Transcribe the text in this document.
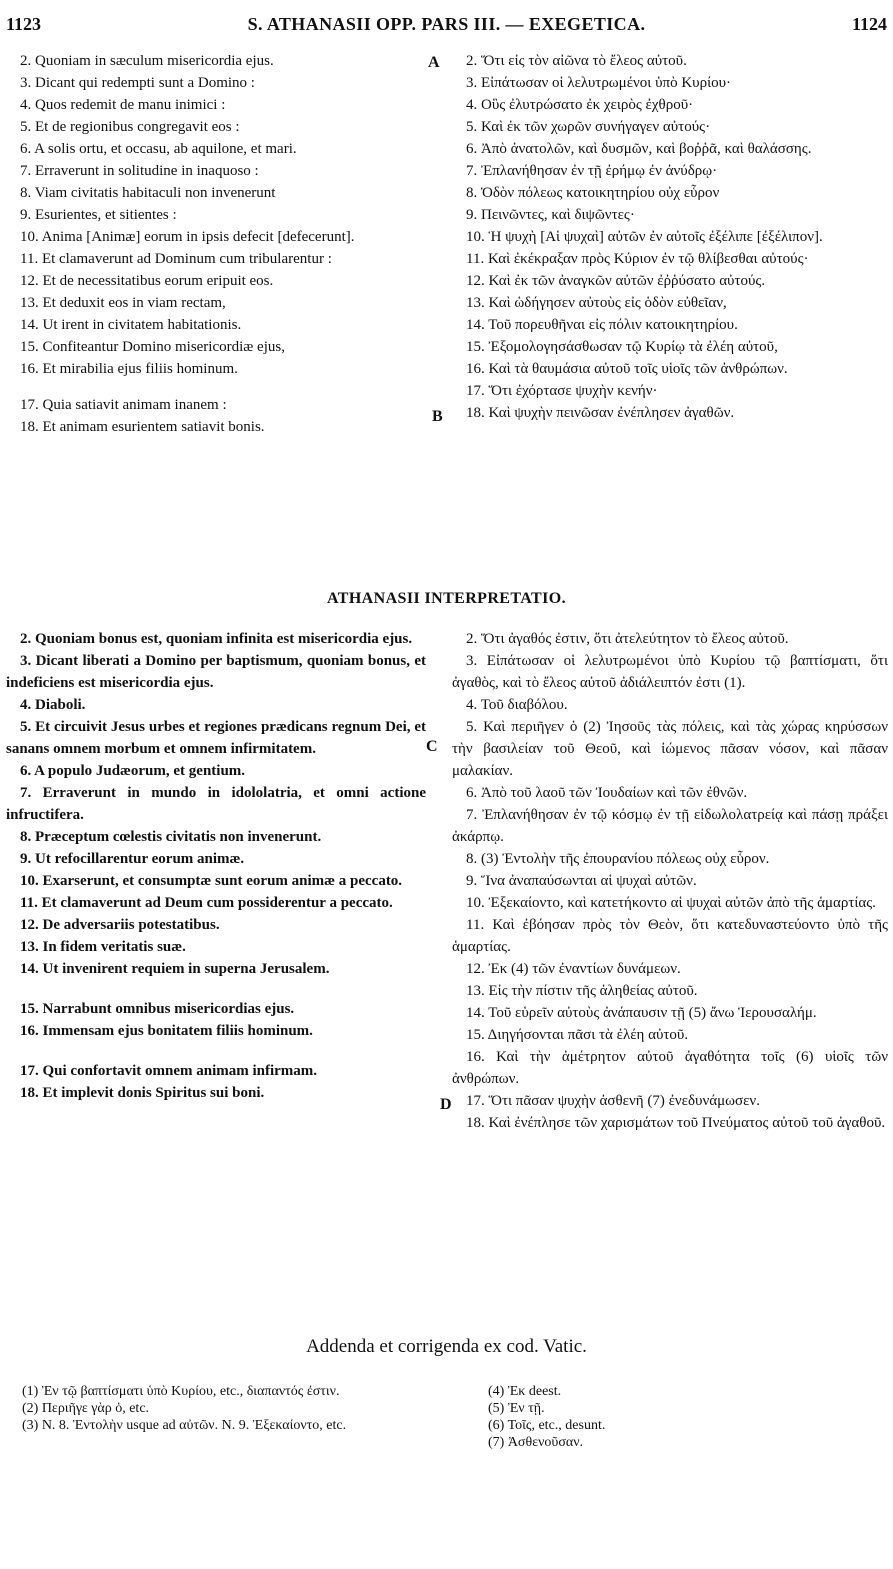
1123	S. ATHANASII OPP. PARS III. — EXEGETICA.	1124

2. Quoniam in sæculum misericordia ejus.

3. Dicant qui redempti sunt a Domino :

4. Quos redemit de manu inimici :

5. Et de regionibus congregavit eos :

6. A solis ortu, et occasu, ab aquilone, et mari.

7. Erraverunt in solitudine in inaquoso :

8. Viam civitatis habitaculi non invenerunt

9. Esurientes, et sitientes :

10. Anima [Animæ] eorum in ipsis defecit [defecerunt].

11. Et clamaverunt ad Dominum cum tribularentur :

12. Et de necessitatibus eorum eripuit eos.

13. Et deduxit eos in viam rectam,

14. Ut irent in civitatem habitationis.

15. Confiteantur Domino misericordiæ ejus,

16. Et mirabilia ejus filiis hominum.

17. Quia satiavit animam inanem :

18. Et animam esurientem satiavit bonis.

2. Ὅτι εἰς τὸν αἰῶνα τὸ ἔλεος αὐτοῦ.

3. Εἰπάτωσαν οἱ λελυτρωμένοι ὑπὸ Κυρίου·

4. Οὓς ἐλυτρώσατο ἐκ χειρὸς ἐχθροῦ·

5. Καὶ ἐκ τῶν χωρῶν συνήγαγεν αὐτούς·

6. Ἀπὸ ἀνατολῶν, καὶ δυσμῶν, καὶ βοῤῥᾶ, καὶ θαλάσσης.

7. Ἐπλανήθησαν ἐν τῇ ἐρήμῳ ἐν ἀνύδρῳ·

8. Ὁδὸν πόλεως κατοικητηρίου οὐχ εὗρον

9. Πεινῶντες, καὶ διψῶντες·

10. Ἡ ψυχὴ [Αἱ ψυχαὶ] αὐτῶν ἐν αὐτοῖς ἐξέλιπε [ἐξέλιπον].

11. Καὶ ἐκέκραξαν πρὸς Κύριον ἐν τῷ θλίβεσθαι αὐτούς·

12. Καὶ ἐκ τῶν ἀναγκῶν αὐτῶν ἐῤῥύσατο αὐτούς.

13. Καὶ ὡδήγησεν αὐτοὺς εἰς ὁδὸν εὐθεῖαν,

14. Τοῦ πορευθῆναι εἰς πόλιν κατοικητηρίου.

15. Ἐξομολογησάσθωσαν τῷ Κυρίῳ τὰ ἐλέη αὐτοῦ,

16. Καὶ τὰ θαυμάσια αὐτοῦ τοῖς υἱοῖς τῶν ἀνθρώπων.

17. Ὅτι ἐχόρτασε ψυχὴν κενήν·

18. Καὶ ψυχὴν πεινῶσαν ἐνέπλησεν ἀγαθῶν.

A
B
ATHANASII INTERPRETATIO.

2. Quoniam bonus est, quoniam infinita est misericordia ejus.

3. Dicant liberati a Domino per baptismum, quoniam bonus, et indeficiens est misericordia ejus.

4. Diaboli.

5. Et circuivit Jesus urbes et regiones prædicans regnum Dei, et sanans omnem morbum et omnem infirmitatem.

6. A populo Judæorum, et gentium.

7. Erraverunt in mundo in idololatria, et omni actione infructifera.

8. Præceptum cœlestis civitatis non invenerunt.

9. Ut refocillarentur eorum animæ.

10. Exarserunt, et consumptæ sunt eorum animæ a peccato.

11. Et clamaverunt ad Deum cum possiderentur a peccato.

12. De adversariis potestatibus.

13. In fidem veritatis suæ.

14. Ut invenirent requiem in superna Jerusalem.

15. Narrabunt omnibus misericordias ejus.

16. Immensam ejus bonitatem filiis hominum.

17. Qui confortavit omnem animam infirmam.

18. Et implevit donis Spiritus sui boni.

2. Ὅτι ἀγαθός ἐστιν, ὅτι ἀτελεύτητον τὸ ἔλεος αὐτοῦ.

3. Εἰπάτωσαν οἱ λελυτρωμένοι ὑπὸ Κυρίου τῷ βαπτίσματι, ὅτι ἀγαθὸς, καὶ τὸ ἔλεος αὐτοῦ ἀδιάλειπτόν ἐστι (1).

4. Τοῦ διαβόλου.

5. Καὶ περιῆγεν ὁ (2) Ἰησοῦς τὰς πόλεις, καὶ τὰς χώρας κηρύσσων τὴν βασιλείαν τοῦ Θεοῦ, καὶ ἰώμενος πᾶσαν νόσον, καὶ πᾶσαν μαλακίαν.

6. Ἀπὸ τοῦ λαοῦ τῶν Ἰουδαίων καὶ τῶν ἐθνῶν.

7. Ἐπλανήθησαν ἐν τῷ κόσμῳ ἐν τῇ εἰδωλολατρείᾳ καὶ πάσῃ πράξει ἀκάρπῳ.

8. (3) Ἐντολὴν τῆς ἐπουρανίου πόλεως οὐχ εὗρον.

9. Ἵνα ἀναπαύσωνται αἱ ψυχαὶ αὐτῶν.

10. Ἐξεκαίοντο, καὶ κατετήκοντο αἱ ψυχαὶ αὐτῶν ἀπὸ τῆς ἁμαρτίας.

11. Καὶ ἐβόησαν πρὸς τὸν Θεὸν, ὅτι κατεδυναστεύοντο ὑπὸ τῆς ἁμαρτίας.

12. Ἐκ (4) τῶν ἐναντίων δυνάμεων.

13. Εἰς τὴν πίστιν τῆς ἀληθείας αὐτοῦ.

14. Τοῦ εὑρεῖν αὐτοὺς ἀνάπαυσιν τῇ (5) ἄνω Ἱερουσαλήμ.

15. Διηγήσονται πᾶσι τὰ ἐλέη αὐτοῦ.

16. Καὶ τὴν ἀμέτρητον αὐτοῦ ἀγαθότητα τοῖς (6) υἱοῖς τῶν ἀνθρώπων.

17. Ὅτι πᾶσαν ψυχὴν ἀσθενῆ (7) ἐνεδυνάμωσεν.

18. Καὶ ἐνέπλησε τῶν χαρισμάτων τοῦ Πνεύματος αὐτοῦ τοῦ ἀγαθοῦ.

C
D
Addenda et corrigenda ex cod. Vatic.

(1) Ἐν τῷ βαπτίσματι ὑπὸ Κυρίου, etc., διαπαντός ἐστιν.

(2) Περιῆγε γὰρ ὁ, etc.

(3) N. 8. Ἐντολὴν usque ad αὐτῶν. N. 9. Ἐξεκαίοντο, etc.

(4) Ἐκ deest.

(5) Ἐν τῇ.

(6) Τοῖς, etc., desunt.

(7) Ἀσθενοῦσαν.
